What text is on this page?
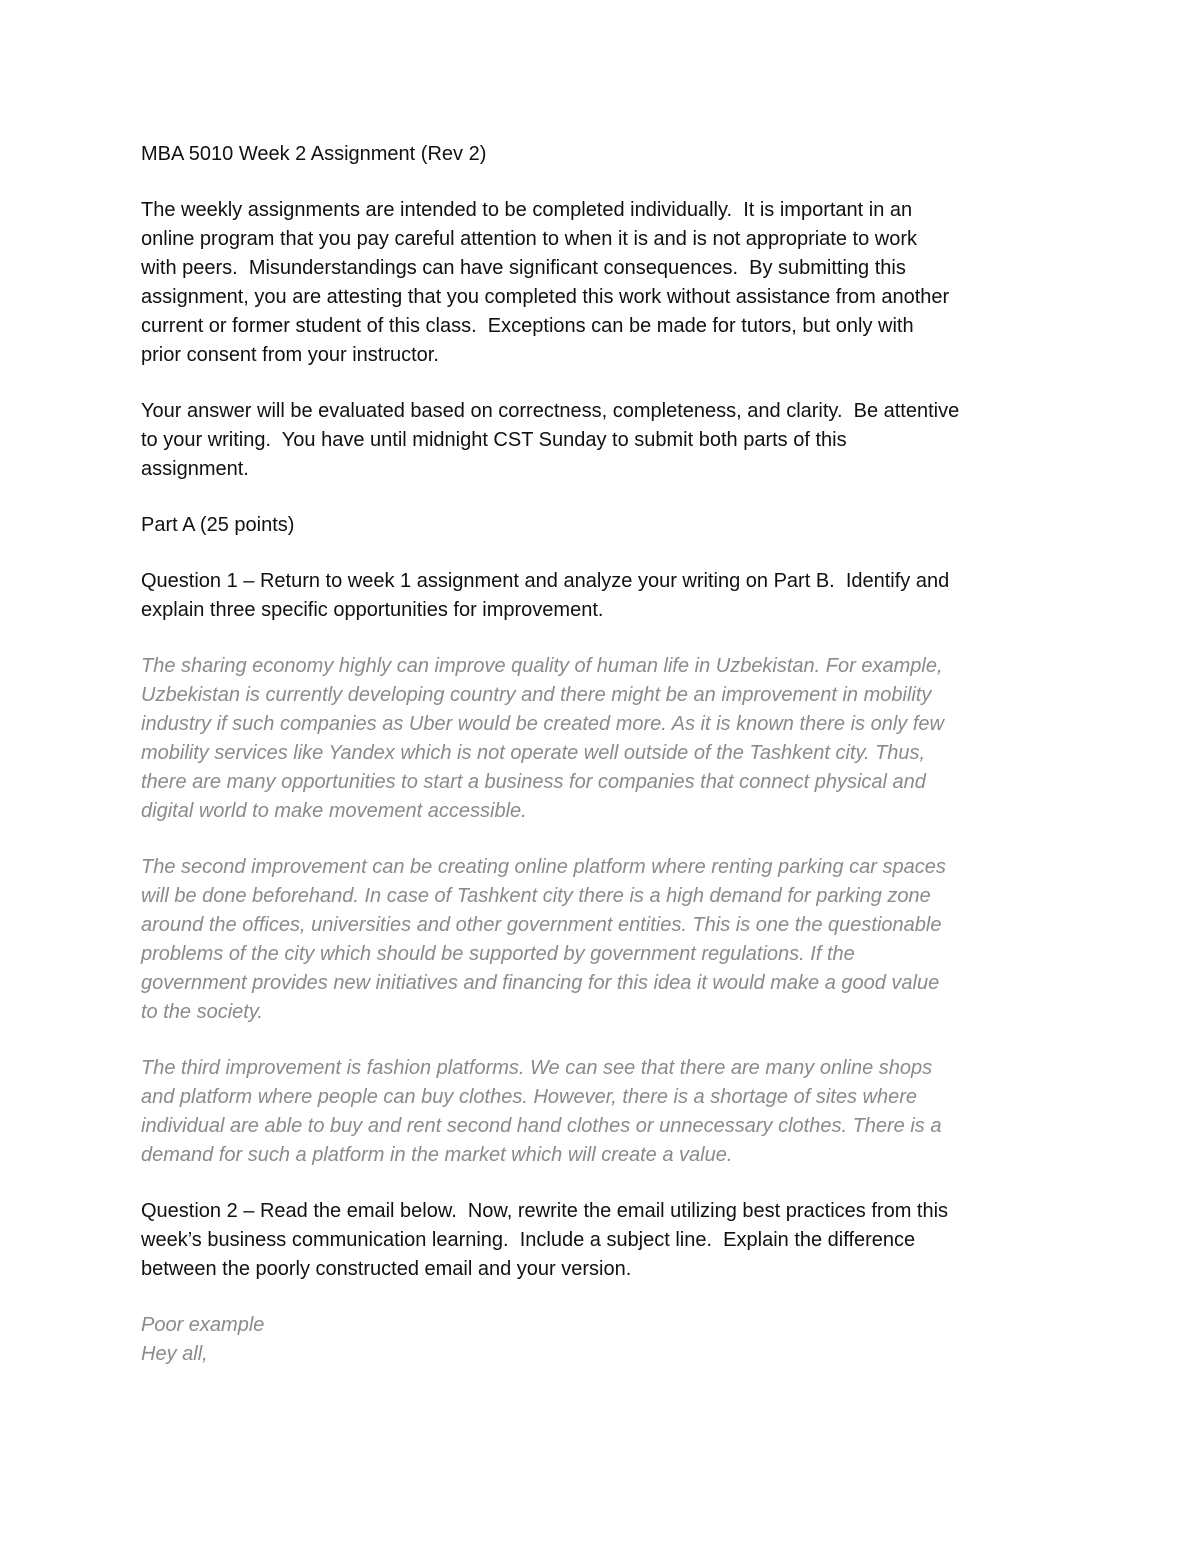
MBA 5010 Week 2 Assignment (Rev 2)
The weekly assignments are intended to be completed individually.  It is important in an
online program that you pay careful attention to when it is and is not appropriate to work
with peers.  Misunderstandings can have significant consequences.  By submitting this
assignment, you are attesting that you completed this work without assistance from another
current or former student of this class.  Exceptions can be made for tutors, but only with
prior consent from your instructor.
Your answer will be evaluated based on correctness, completeness, and clarity.  Be attentive
to your writing.  You have until midnight CST Sunday to submit both parts of this
assignment.
Part A (25 points)
Question 1 – Return to week 1 assignment and analyze your writing on Part B.  Identify and
explain three specific opportunities for improvement.
The sharing economy highly can improve quality of human life in Uzbekistan. For example,
Uzbekistan is currently developing country and there might be an improvement in mobility
industry if such companies as Uber would be created more. As it is known there is only few
mobility services like Yandex which is not operate well outside of the Tashkent city. Thus,
there are many opportunities to start a business for companies that connect physical and
digital world to make movement accessible.
The second improvement can be creating online platform where renting parking car spaces
will be done beforehand. In case of Tashkent city there is a high demand for parking zone
around the offices, universities and other government entities. This is one the questionable
problems of the city which should be supported by government regulations. If the
government provides new initiatives and financing for this idea it would make a good value
to the society.
The third improvement is fashion platforms. We can see that there are many online shops
and platform where people can buy clothes. However, there is a shortage of sites where
individual are able to buy and rent second hand clothes or unnecessary clothes. There is a
demand for such a platform in the market which will create a value.
Question 2 – Read the email below.  Now, rewrite the email utilizing best practices from this
week’s business communication learning.  Include a subject line.  Explain the difference
between the poorly constructed email and your version.
Poor example
Hey all,
